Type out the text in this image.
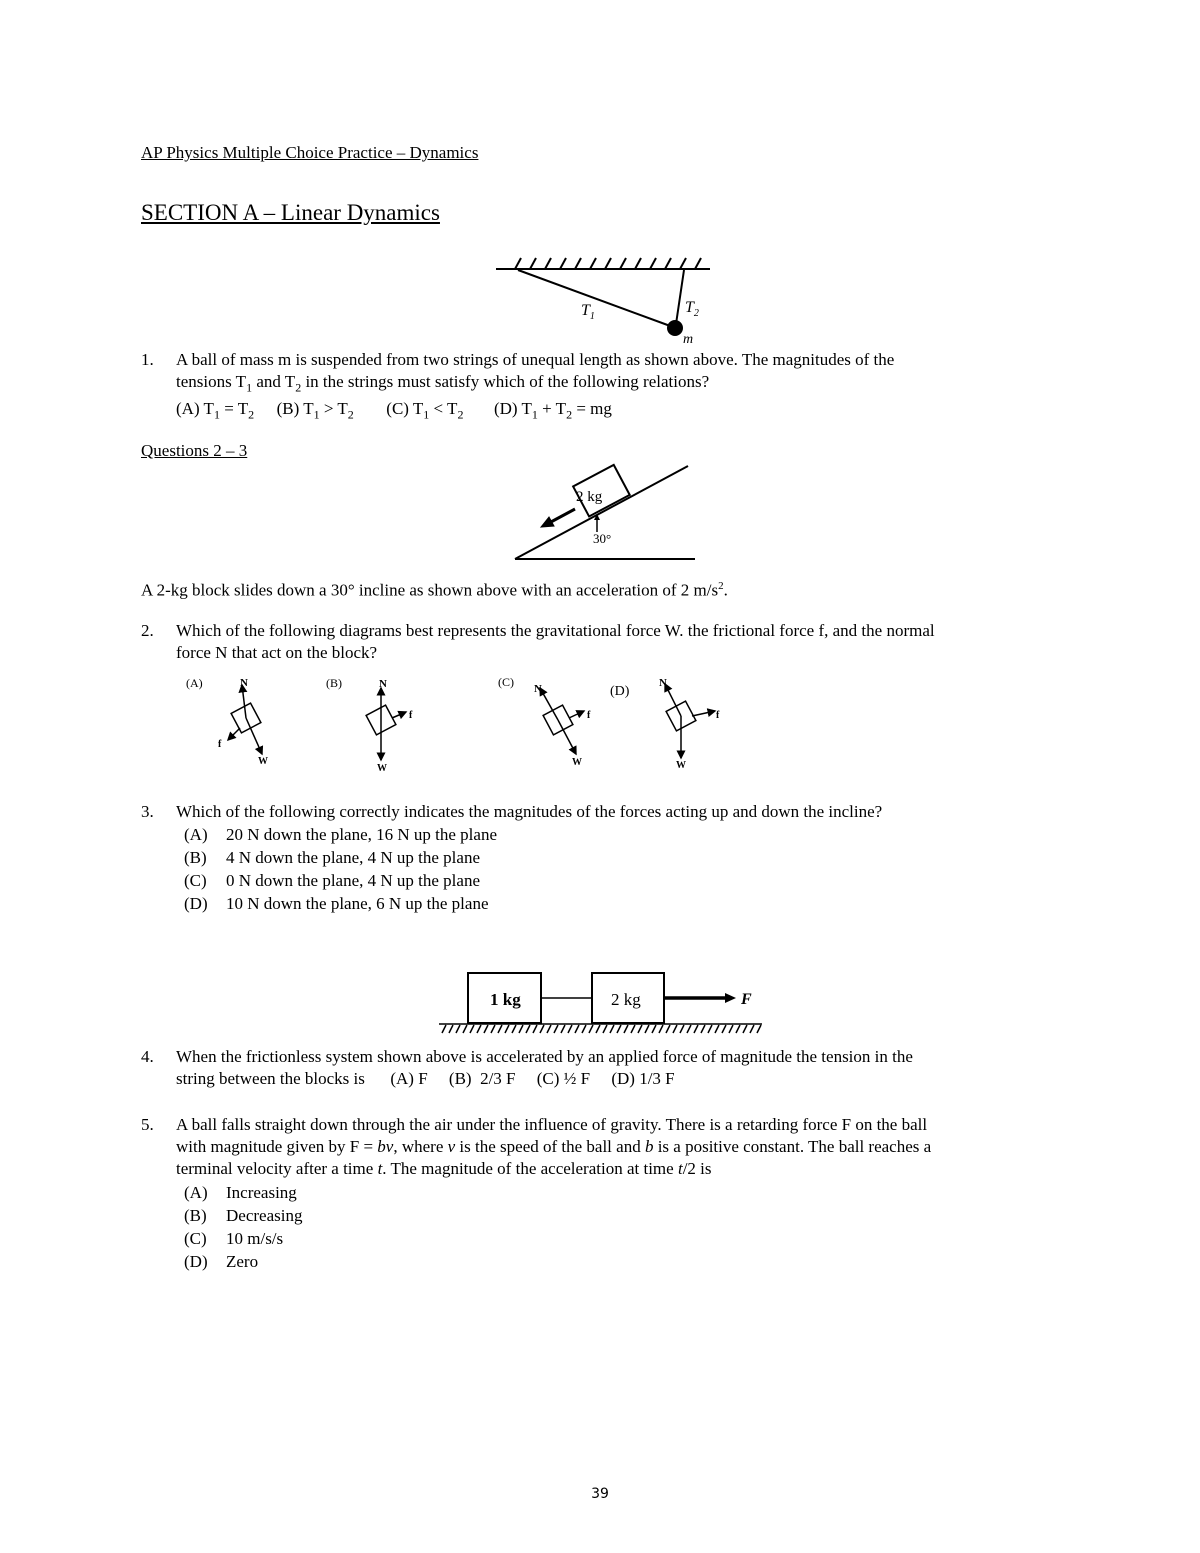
AP Physics Multiple Choice Practice – Dynamics
SECTION A – Linear Dynamics
$T_1$
$T_2$
m
1. A ball of mass m is suspended from two strings of unequal length as shown above. The magnitudes of the
tensions $T_1$ and $T_2$ in the strings must satisfy which of the following relations?
(A) $T_1 = T_2$ (B) $T_1 > T_2$ (C) $T_1 < T_2$ (D) $T_1 + T_2$ = mg
Questions 2 – 3
2 kg
30°
A 2-kg block slides down a 30° incline as shown above with an acceleration of 2 $m/s^2$.
2. Which of the following diagrams best represents the gravitational force W. the frictional force f, and the normal
force N that act on the block?
(A)	N
f
W
(B)	N
f
W
(C) N
f
W
(D)
N
f
W
3. Which of the following correctly indicates the magnitudes of the forces acting up and down the incline?
(A) 20 N down the plane, 16 N up the plane
(B) 4 N down the plane, 4 N up the plane
(C) 0 N down the plane, 4 N up the plane
(D) 10 N down the plane, 6 N up the plane
1 kg	2 kg	F
4. When the frictionless system shown above is accelerated by an applied force of magnitude the tension in the
string between the blocks is      (A) F     (B)  2/3 F     (C) ½ F     (D) 1/3 F
5. A ball falls straight down through the air under the influence of gravity. There is a retarding force F on the ball
with magnitude given by F = bv, where v is the speed of the ball and b is a positive constant. The ball reaches a
terminal velocity after a time t. The magnitude of the acceleration at time t/2 is
(A) Increasing
(B) Decreasing
(C) 10 m/s/s
(D) Zero
39
